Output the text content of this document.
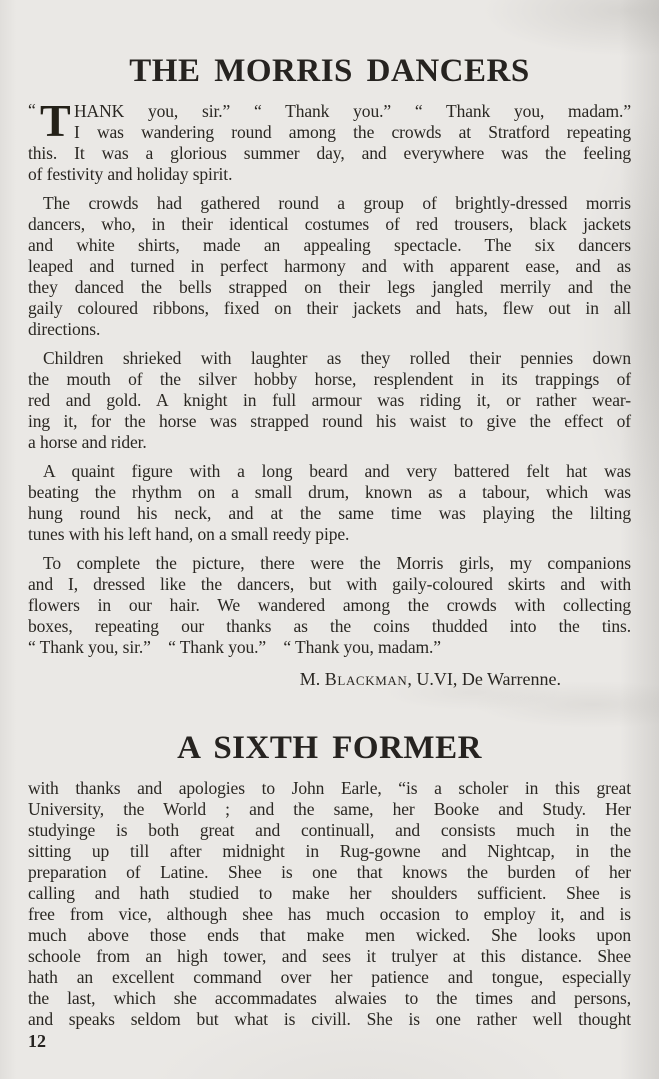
THE MORRIS DANCERS
“ T HANK you, sir.” “ Thank you.” “ Thank you, madam.”
I was wandering round among the crowds at Stratford repeating
this. It was a glorious summer day, and everywhere was the feeling
of festivity and holiday spirit.
The crowds had gathered round a group of brightly-dressed morris
dancers, who, in their identical costumes of red trousers, black jackets
and white shirts, made an appealing spectacle. The six dancers
leaped and turned in perfect harmony and with apparent ease, and as
they danced the bells strapped on their legs jangled merrily and the
gaily coloured ribbons, fixed on their jackets and hats, flew out in all
directions.
Children shrieked with laughter as they rolled their pennies down
the mouth of the silver hobby horse, resplendent in its trappings of
red and gold. A knight in full armour was riding it, or rather wear-
ing it, for the horse was strapped round his waist to give the effect of
a horse and rider.
A quaint figure with a long beard and very battered felt hat was
beating the rhythm on a small drum, known as a tabour, which was
hung round his neck, and at the same time was playing the lilting
tunes with his left hand, on a small reedy pipe.
To complete the picture, there were the Morris girls, my companions
and I, dressed like the dancers, but with gaily-coloured skirts and with
flowers in our hair. We wandered among the crowds with collecting
boxes, repeating our thanks as the coins thudded into the tins.
“ Thank you, sir.”  “ Thank you.”  “ Thank you, madam.”
M. Blackman, U.VI, De Warrenne.
A SIXTH FORMER
with thanks and apologies to John Earle, “is a scholer in this great
University, the World ; and the same, her Booke and Study. Her
studyinge is both great and continuall, and consists much in the
sitting up till after midnight in Rug-gowne and Nightcap, in the
preparation of Latine. Shee is one that knows the burden of her
calling and hath studied to make her shoulders sufficient. Shee is
free from vice, although shee has much occasion to employ it, and is
much above those ends that make men wicked. She looks upon
schoole from an high tower, and sees it trulyer at this distance. Shee
hath an excellent command over her patience and tongue, especially
the last, which she accommadates alwaies to the times and persons,
and speaks seldom but what is civill. She is one rather well thought
12
